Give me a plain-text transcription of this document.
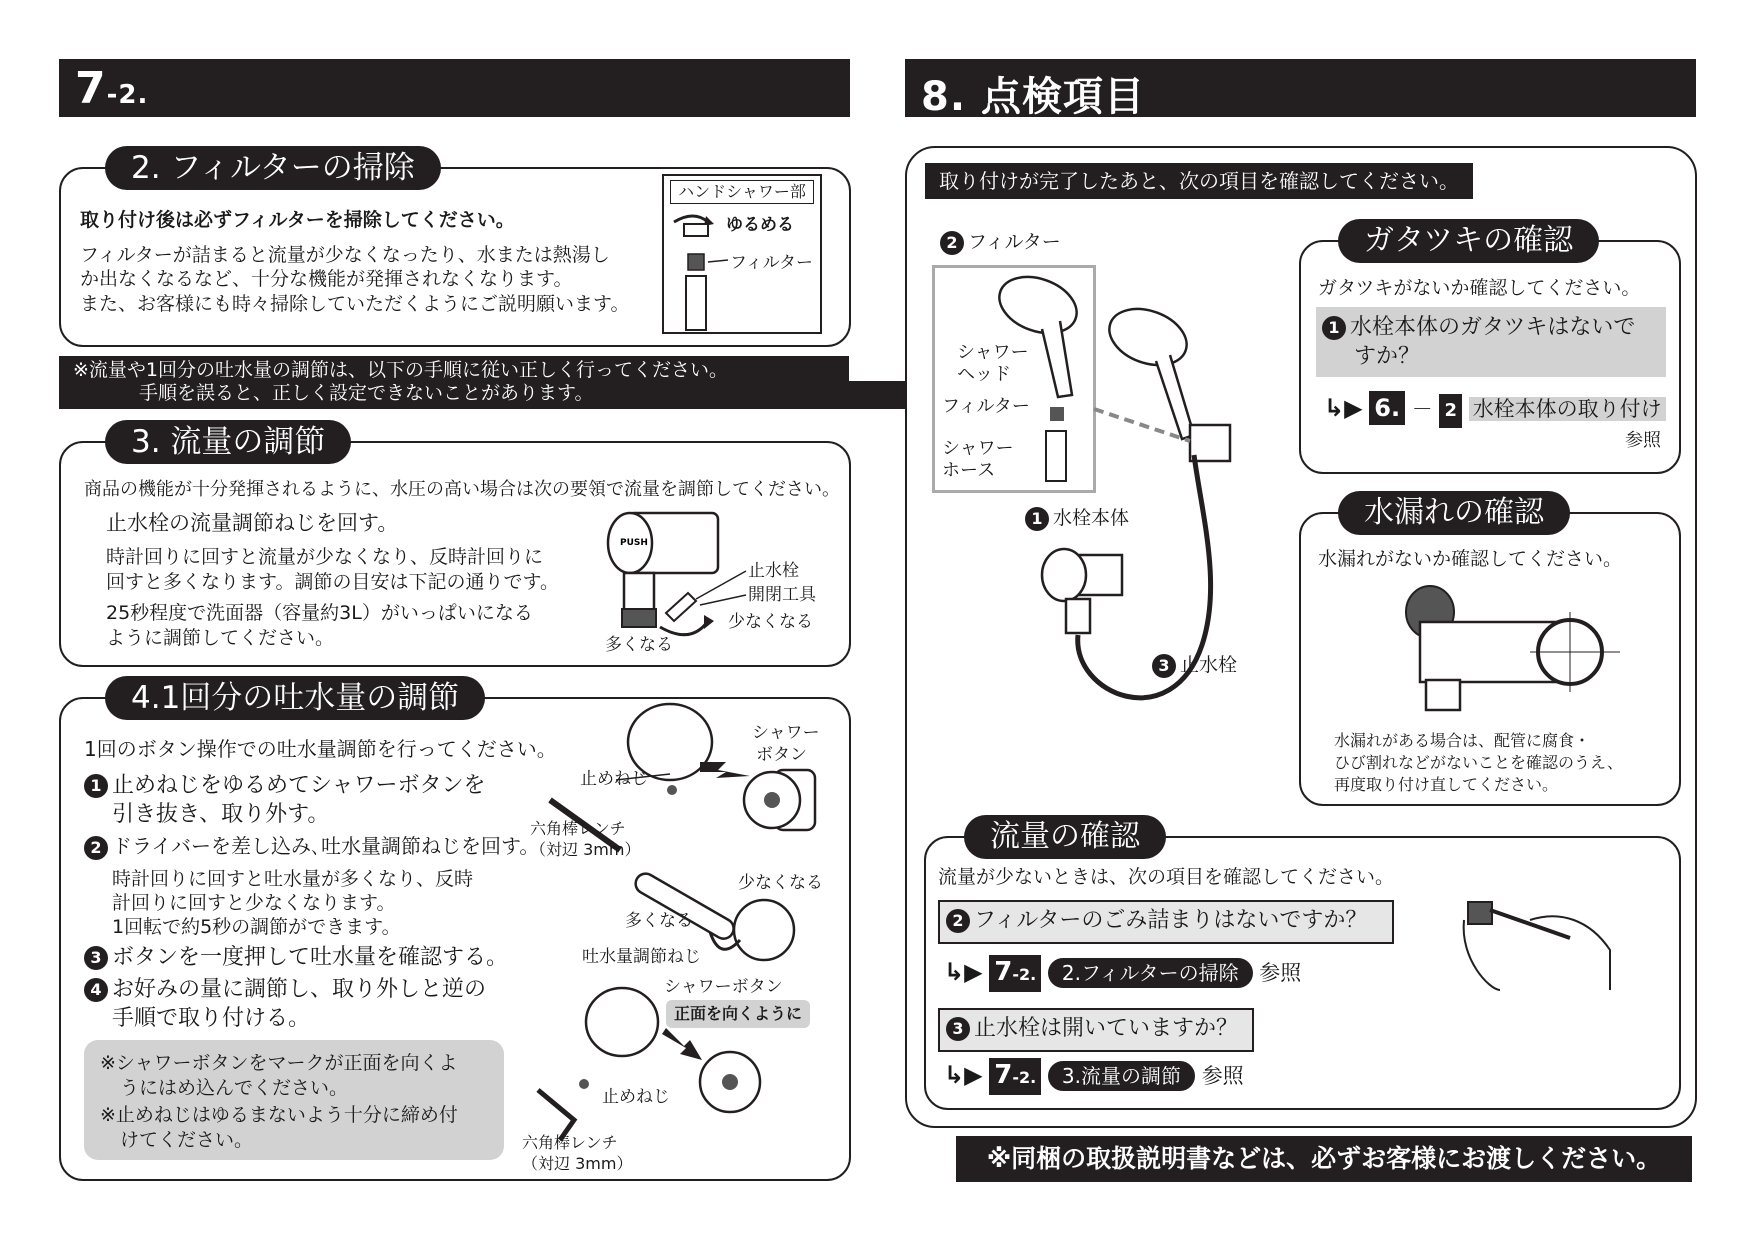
7-2.
2. フィルターの掃除
取り付け後は必ずフィルターを掃除してください。
フィルターが詰まると流量が少なくなったり、水または熱湯し
か出なくなるなど、十分な機能が発揮されなくなります。
また、お客様にも時々掃除していただくようにご説明願います。
ハンドシャワー部
ゆるめる
フィルター
※流量や1回分の吐水量の調節は、以下の手順に従い正しく行ってください。
手順を誤ると、正しく設定できないことがあります。
3. 流量の調節
商品の機能が十分発揮されるように、水圧の高い場合は次の要領で流量を調節してください。
止水栓の流量調節ねじを回す。
時計回りに回すと流量が少なくなり、反時計回りに
回すと多くなります。調節の目安は下記の通りです。
25秒程度で洗面器（容量約3L）がいっぱいになる
ように調節してください。
PUSH
止水栓
開閉工具
少なくなる
多くなる
4.1回分の吐水量の調節
1回のボタン操作での吐水量調節を行ってください。
1 止めねじをゆるめてシャワーボタンを
引き抜き、取り外す。
2 ドライバーを差し込み､吐水量調節ねじを回す。
時計回りに回すと吐水量が多くなり、反時
計回りに回すと少なくなります。
1回転で約5秒の調節ができます。
3 ボタンを一度押して吐水量を確認する。
4 お好みの量に調節し、取り外しと逆の
手順で取り付ける。
※シャワーボタンをマークが正面を向くよ
うにはめ込んでください。
※止めねじはゆるまないよう十分に締め付
けてください。
シャワー
ボタン
止めねじ
六角棒レンチ
（対辺 3mm）
少なくなる
多くなる
吐水量調節ねじ
シャワーボタン
正面を向くように
止めねじ
六角棒レンチ
（対辺 3mm）
8. 点検項目
取り付けが完了したあと、次の項目を確認してください。
2 フィルター
シャワー
ヘッド
フィルター
シャワー
ホース
1 水栓本体
3 止水栓
ガタツキの確認
ガタツキがないか確認してください。
1 水栓本体のガタツキはないで
すか？
↳▶ 6. － 2 水栓本体の取り付け
参照
水漏れの確認
水漏れがないか確認してください。
水漏れがある場合は、配管に腐食・
ひび割れなどがないことを確認のうえ、
再度取り付け直してください。
流量の確認
流量が少ないときは、次の項目を確認してください。
2 フィルターのごみ詰まりはないですか？
↳▶ 7-2. 2.フィルターの掃除 参照
3 止水栓は開いていますか？
↳▶ 7-2. 3.流量の調節 参照
※同梱の取扱説明書などは、必ずお客様にお渡しください。
